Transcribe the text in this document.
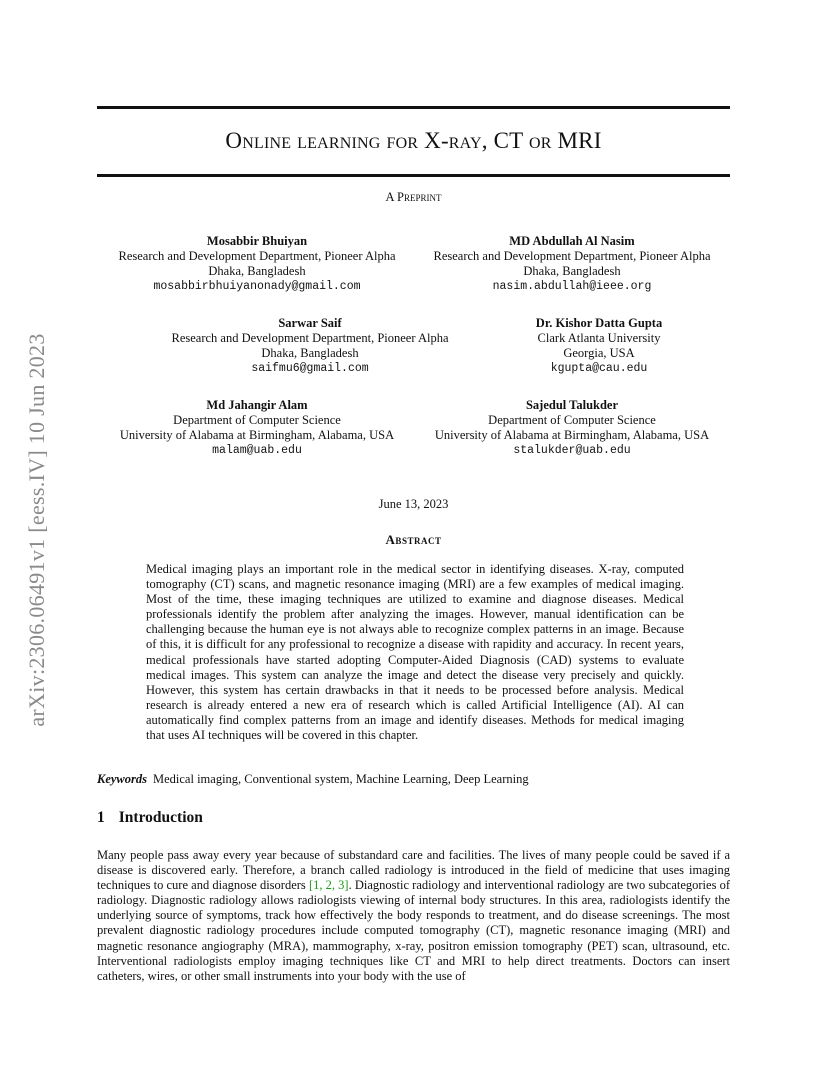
arXiv:2306.06491v1 [eess.IV] 10 Jun 2023
Online learning for X-ray, CT or MRI
A Preprint
Mosabbir Bhuiyan
Research and Development Department, Pioneer Alpha
Dhaka, Bangladesh
mosabbirbhuiyanonady@gmail.com
MD Abdullah Al Nasim
Research and Development Department, Pioneer Alpha
Dhaka, Bangladesh
nasim.abdullah@ieee.org
Sarwar Saif
Research and Development Department, Pioneer Alpha
Dhaka, Bangladesh
saifmu6@gmail.com
Dr. Kishor Datta Gupta
Clark Atlanta University
Georgia, USA
kgupta@cau.edu
Md Jahangir Alam
Department of Computer Science
University of Alabama at Birmingham, Alabama, USA
malam@uab.edu
Sajedul Talukder
Department of Computer Science
University of Alabama at Birmingham, Alabama, USA
stalukder@uab.edu
June 13, 2023
Abstract
Medical imaging plays an important role in the medical sector in identifying diseases. X-ray, computed tomography (CT) scans, and magnetic resonance imaging (MRI) are a few examples of medical imaging. Most of the time, these imaging techniques are utilized to examine and diagnose diseases. Medical professionals identify the problem after analyzing the images. However, manual identification can be challenging because the human eye is not always able to recognize complex patterns in an image. Because of this, it is difficult for any professional to recognize a disease with rapidity and accuracy. In recent years, medical professionals have started adopting Computer-Aided Diagnosis (CAD) systems to evaluate medical images. This system can analyze the image and detect the disease very precisely and quickly. However, this system has certain drawbacks in that it needs to be processed before analysis. Medical research is already entered a new era of research which is called Artificial Intelligence (AI). AI can automatically find complex patterns from an image and identify diseases. Methods for medical imaging that uses AI techniques will be covered in this chapter.
Keywords Medical imaging, Conventional system, Machine Learning, Deep Learning
1 Introduction
Many people pass away every year because of substandard care and facilities. The lives of many people could be saved if a disease is discovered early. Therefore, a branch called radiology is introduced in the field of medicine that uses imaging techniques to cure and diagnose disorders [1, 2, 3]. Diagnostic radiology and interventional radiology are two subcategories of radiology. Diagnostic radiology allows radiologists viewing of internal body structures. In this area, radiologists identify the underlying source of symptoms, track how effectively the body responds to treatment, and do disease screenings. The most prevalent diagnostic radiology procedures include computed tomography (CT), magnetic resonance imaging (MRI) and magnetic resonance angiography (MRA), mammography, x-ray, positron emission tomography (PET) scan, ultrasound, etc. Interventional radiologists employ imaging techniques like CT and MRI to help direct treatments. Doctors can insert catheters, wires, or other small instruments into your body with the use of
